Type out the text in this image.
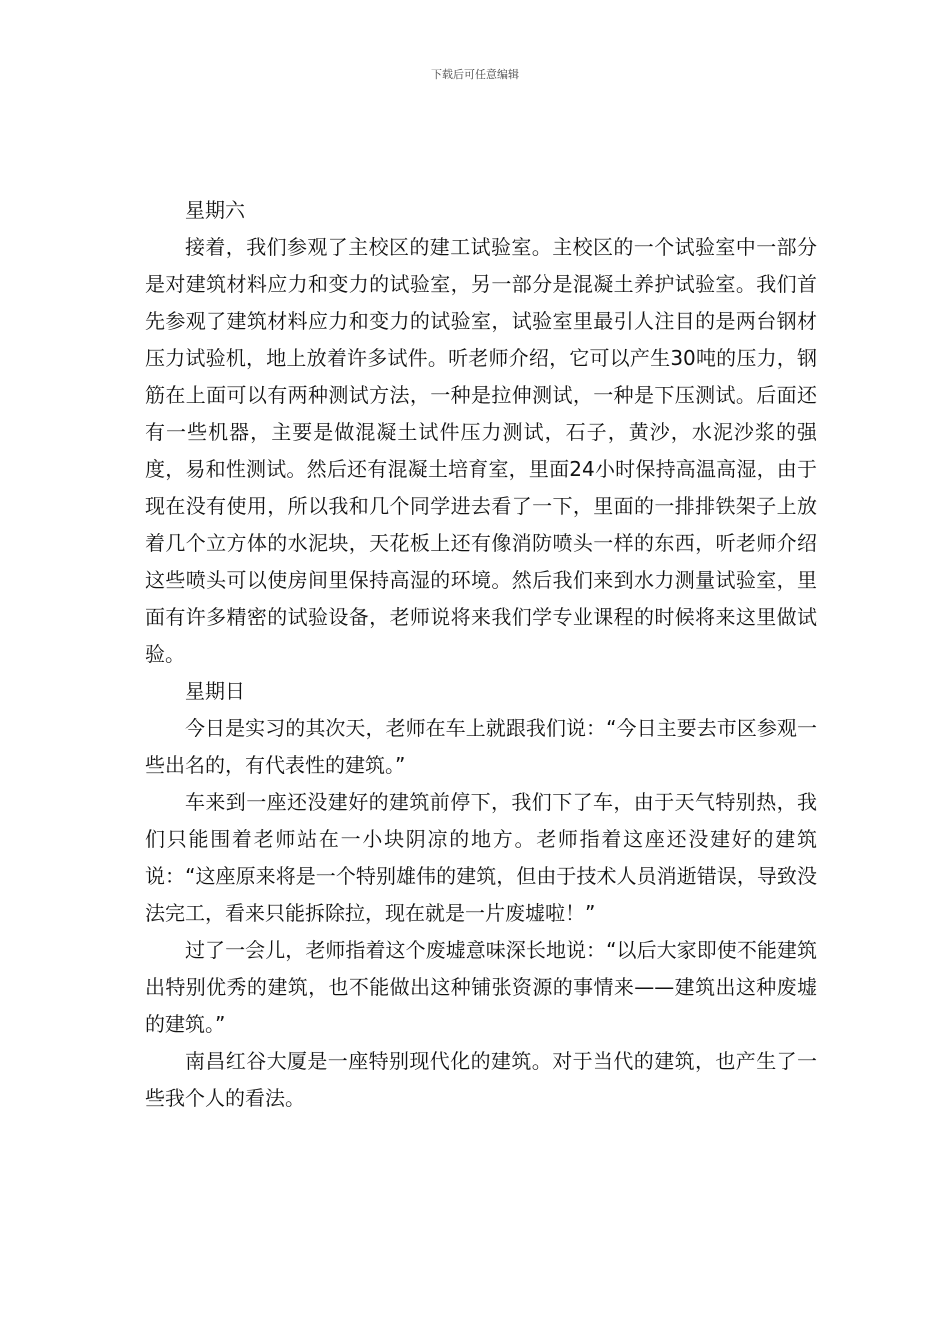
下载后可任意编辑

星期六

接着，我们参观了主校区的建工试验室。主校区的一个试验室中一部分是对建筑材料应力和变力的试验室，另一部分是混凝土养护试验室。我们首先参观了建筑材料应力和变力的试验室，试验室里最引人注目的是两台钢材压力试验机，地上放着许多试件。听老师介绍，它可以产生30吨的压力，钢筋在上面可以有两种测试方法，一种是拉伸测试，一种是下压测试。后面还有一些机器，主要是做混凝土试件压力测试，石子，黄沙，水泥沙浆的强度，易和性测试。然后还有混凝土培育室，里面24小时保持高温高湿，由于现在没有使用，所以我和几个同学进去看了一下，里面的一排排铁架子上放着几个立方体的水泥块，天花板上还有像消防喷头一样的东西，听老师介绍这些喷头可以使房间里保持高湿的环境。然后我们来到水力测量试验室，里面有许多精密的试验设备，老师说将来我们学专业课程的时候将来这里做试验。

星期日

今日是实习的其次天，老师在车上就跟我们说：“今日主要去市区参观一些出名的，有代表性的建筑。”

车来到一座还没建好的建筑前停下，我们下了车，由于天气特别热，我们只能围着老师站在一小块阴凉的地方。老师指着这座还没建好的建筑说：“这座原来将是一个特别雄伟的建筑，但由于技术人员消逝错误，导致没法完工，看来只能拆除拉，现在就是一片废墟啦！”

过了一会儿，老师指着这个废墟意味深长地说：“以后大家即使不能建筑出特别优秀的建筑，也不能做出这种铺张资源的事情来——建筑出这种废墟的建筑。”

南昌红谷大厦是一座特别现代化的建筑。对于当代的建筑，也产生了一些我个人的看法。
